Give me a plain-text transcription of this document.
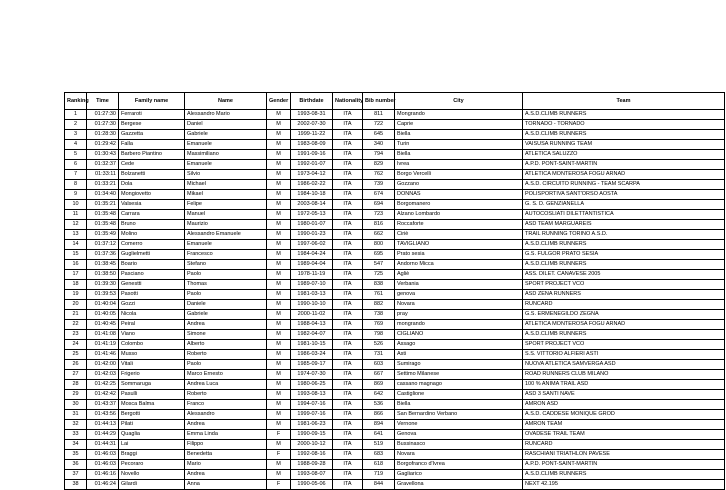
Ranking	Time	Family name	Name	Gender	Birthdate	Nationality	Bib number	City	Team
1	01:27:30	Ferraroti	Alessandro Mario	M	1993-08-31	ITA	811	Mongrando	A.S.D.CLIMB RUNNERS
2	01:27:30	Bergese	Daniel	M	2002-07-30	ITA	722	Caprie	TORNADO - TORNADO
3	01:28:30	Gazzetta	Gabriele	M	1999-11-22	ITA	645	Biella	A.S.D.CLIMB RUNNERS
4	01:29:42	Falla	Emanuele	M	1983-08-09	ITA	340	Turin	VAISUSA RUNNING TEAM
5	01:30:43	Barbero Piantino	Massimiliano	M	1991-09-16	ITA	794	Biella	ATLETICA SALUZZO
6	01:32:37	Cede	Emanuele	M	1992-01-07	ITA	829	Ivrea	A.P.D. PONT-SAINT-MARTIN
7	01:33:11	Bolzanetti	Silvio	M	1973-04-12	ITA	762	Borgo Vercelli	ATLETICA MONTEROSA FOGU ARNAD
8	01:33:21	Dola	Michael	M	1986-02-22	ITA	739	Gozzano	A.S.D. CIRCUITO RUNNING - TEAM SCARPA
9	01:34:40	Mongiovetto	Mikael	M	1984-10-18	ITA	674	DONNAS	POLISPORTIVA SANT'ORSO AOSTA
10	01:35:21	Valsesia	Felipe	M	2003-08-14	ITA	694	Borgomanero	G. S. D. GENZIANELLA
11	01:35:48	Carrara	Manuel	M	1972-05-13	ITA	723	Alzano Lombardo	AUTOCOSLIATI DILETTANTISTICA
12	01:35:48	Bruno	Maurizio	M	1980-01-07	ITA	816	Roccaforte	ASD TEAM MARGUAREIS
13	01:35:49	Molino	Alessandro Emanuele	M	1990-01-23	ITA	662	Ciriè	TRAIL RUNNING TORINO A.S.D.
14	01:37:12	Comerro	Emanuele	M	1997-06-02	ITA	800	TAVIGLIANO	A.S.D.CLIMB RUNNERS
15	01:37:36	Guglielmetti	Francesco	M	1984-04-24	ITA	695	Prato sesia	G.S. FULGOR PRATO SESIA
16	01:38:45	Boario	Stefano	M	1989-04-04	ITA	547	Andorno Micca	A.S.D.CLIMB RUNNERS
17	01:38:50	Pasciano	Paolo	M	1978-11-19	ITA	725	Agliè	ASS. DILET. CANAVESE 2005
18	01:39:30	Genestti	Thomas	M	1989-07-10	ITA	838	Verbania	SPORT PROJECT VCO
19	01:39:53	Pasotti	Paolo	M	1981-03-13	ITA	761	genova	ASD ZENA RUNNERS
20	01:40:04	Gozzi	Daniele	M	1990-10-10	ITA	882	Novara	RUNCARD
21	01:40:05	Nicola	Gabriele	M	2000-11-02	ITA	738	pray	G.S. ERMENEGILDO ZEGNA
22	01:40:45	Peiral	Andrea	M	1988-04-13	ITA	769	mongrando	ATLETICA MONTEROSA FOGU ARNAD
23	01:41:08	Viano	Simone	M	1982-04-07	ITA	798	CIGLIANO	A.S.D.CLIMB RUNNERS
24	01:41:19	Colombo	Alberto	M	1981-10-15	ITA	526	Assago	SPORT PROJECT VCO
25	01:41:46	Musso	Roberto	M	1986-03-24	ITA	731	Asti	S.S. VITTORIO ALFIERI ASTI
26	01:42:00	Vitali	Paolo	M	1985-09-17	ITA	603	Sumirago	NUOVA ATLETICA SAMVERGA ASD
27	01:42:03	Frigerio	Marco Ernesto	M	1974-07-30	ITA	667	Settimo Milanese	ROAD RUNNERS CLUB MILANO
28	01:42:25	Sommaruga	Andrea Luca	M	1980-06-25	ITA	869	cassano magnago	100 % ANIMA TRAIL ASD
29	01:42:42	Pasulli	Roberto	M	1993-08-13	ITA	642	Castiglione	ASD 3 SANTI NAVE
30	01:43:37	Mosca Balma	Franco	M	1994-07-16	ITA	536	Biella	AMRON ASD
31	01:43:56	Bergotti	Alessandro	M	1999-07-16	ITA	866	San Bernardino Verbano	A.S.D. CADDESE MONIQUE GROD
32	01:44:13	Pilati	Andrea	M	1981-06-23	ITA	894	Vernone	AMRON TEAM
33	01:44:29	Quaglia	Emma Linda	F	1990-09-15	ITA	641	Genova	OVADESE TRAIL TEAM
34	01:44:31	Lai	Filippo	M	2000-10-12	ITA	519	Bussinasco	RUNCARD
35	01:46:03	Braggi	Benedetta	F	1992-08-16	ITA	683	Novara	RASCHIANI TRIATHLON PAVESE
36	01:46:03	Pecoraro	Mario	M	1988-09-28	ITA	618	Borgofranco d'Ivrea	A.P.D. PONT-SAINT-MARTIN
37	01:46:16	Novello	Andrea	M	1993-08-07	ITA	719	Gagliarico	A.S.D.CLIMB RUNNERS
38	01:46:24	Gilardi	Anna	F	1990-05-06	ITA	844	Gravellona	NEXT 42.195
